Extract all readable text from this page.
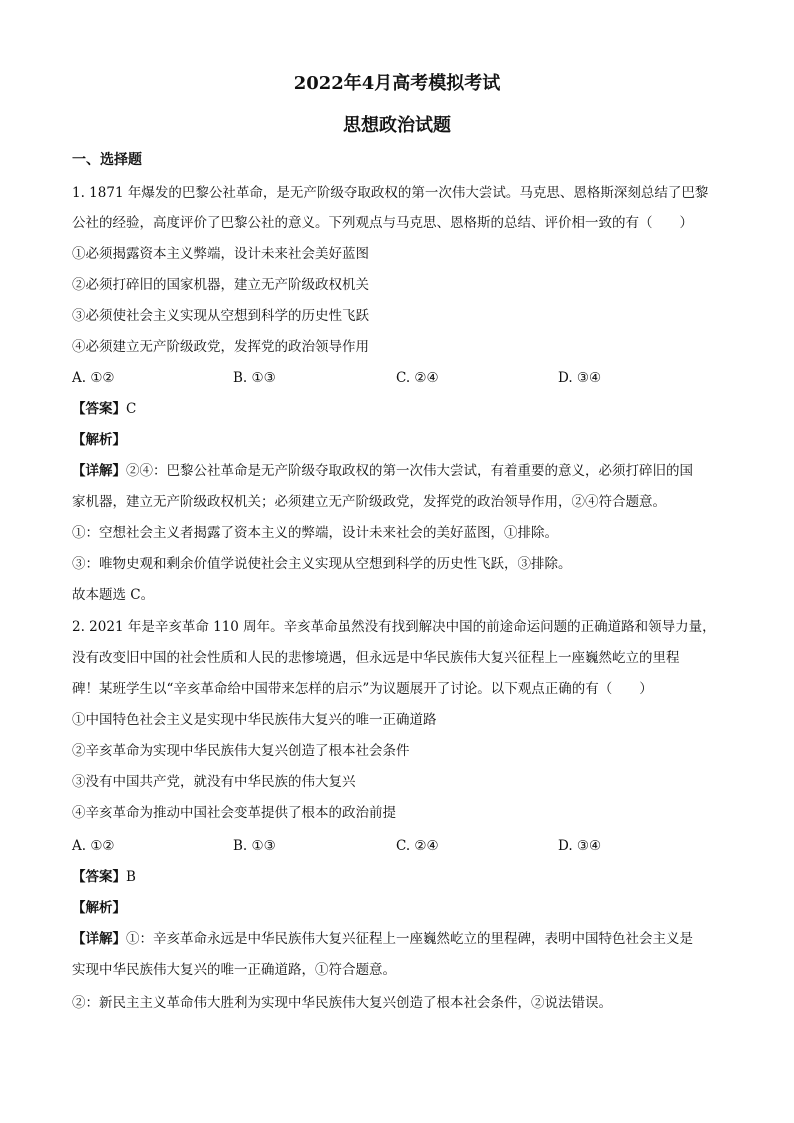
2022年4月高考模拟考试
思想政治试题
一、选择题
1. 1871 年爆发的巴黎公社革命，是无产阶级夺取政权的第一次伟大尝试。马克思、恩格斯深刻总结了巴黎
公社的经验，高度评价了巴黎公社的意义。下列观点与马克思、恩格斯的总结、评价相一致的有（　　）
①必须揭露资本主义弊端，设计未来社会美好蓝图
②必须打碎旧的国家机器，建立无产阶级政权机关
③必须使社会主义实现从空想到科学的历史性飞跃
④必须建立无产阶级政党，发挥党的政治领导作用
A. ①②	B. ①③	C. ②④	D. ③④
【答案】C
【解析】
【详解】②④：巴黎公社革命是无产阶级夺取政权的第一次伟大尝试，有着重要的意义，必须打碎旧的国
家机器，建立无产阶级政权机关；必须建立无产阶级政党，发挥党的政治领导作用，②④符合题意。
①：空想社会主义者揭露了资本主义的弊端，设计未来社会的美好蓝图，①排除。
③：唯物史观和剩余价值学说使社会主义实现从空想到科学的历史性飞跃，③排除。
故本题选 C。
2. 2021 年是辛亥革命 110 周年。辛亥革命虽然没有找到解决中国的前途命运问题的正确道路和领导力量，
没有改变旧中国的社会性质和人民的悲惨境遇，但永远是中华民族伟大复兴征程上一座巍然屹立的里程
碑！某班学生以“辛亥革命给中国带来怎样的启示”为议题展开了讨论。以下观点正确的有（　　）
①中国特色社会主义是实现中华民族伟大复兴的唯一正确道路
②辛亥革命为实现中华民族伟大复兴创造了根本社会条件
③没有中国共产党，就没有中华民族的伟大复兴
④辛亥革命为推动中国社会变革提供了根本的政治前提
A. ①②	B. ①③	C. ②④	D. ③④
【答案】B
【解析】
【详解】①：辛亥革命永远是中华民族伟大复兴征程上一座巍然屹立的里程碑，表明中国特色社会主义是
实现中华民族伟大复兴的唯一正确道路，①符合题意。
②：新民主主义革命伟大胜利为实现中华民族伟大复兴创造了根本社会条件，②说法错误。
